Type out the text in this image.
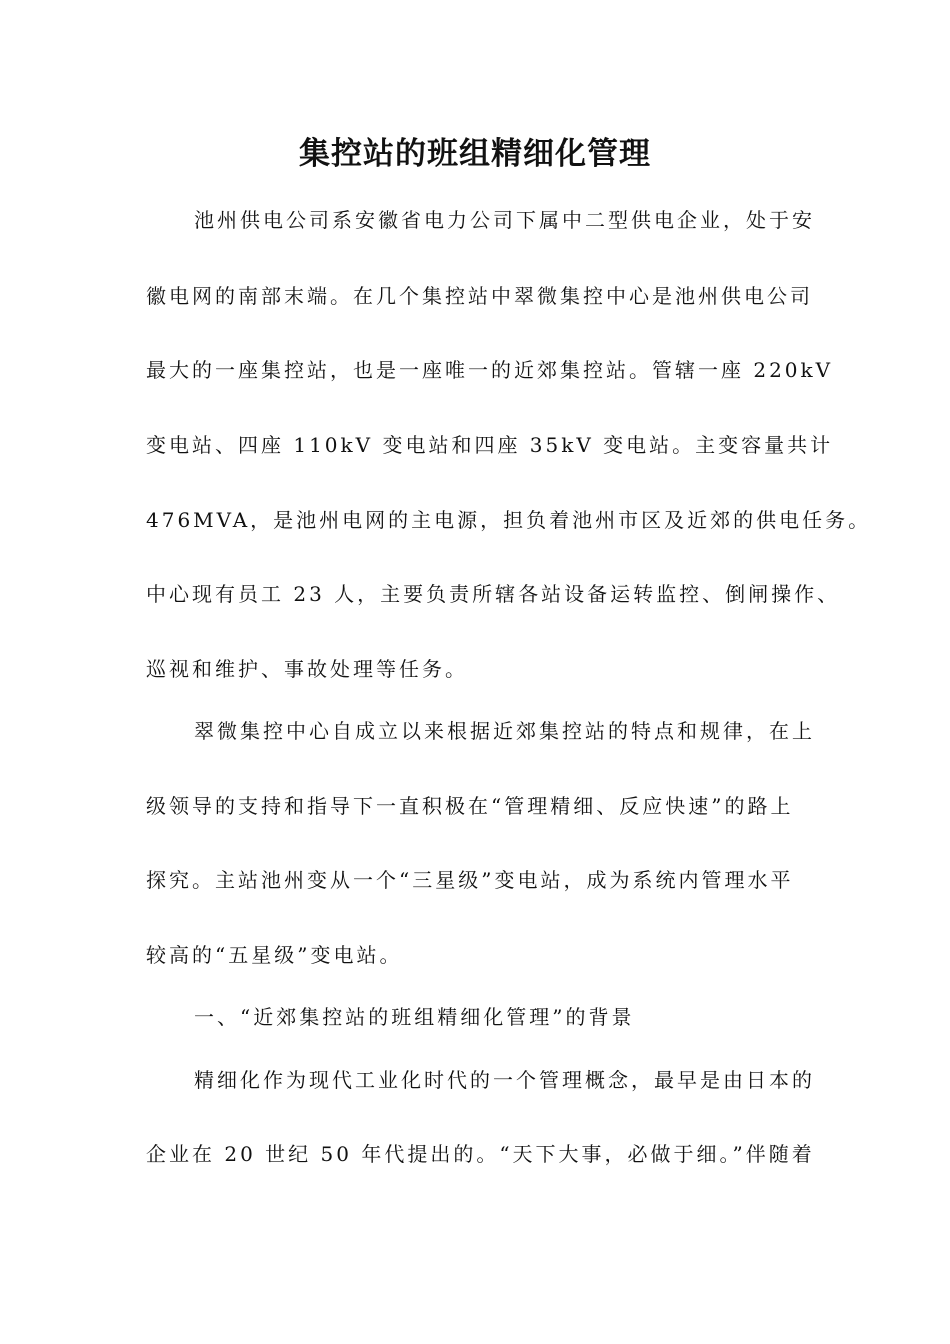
集控站的班组精细化管理
池州供电公司系安徽省电力公司下属中二型供电企业，处于安
徽电网的南部末端。在几个集控站中翠微集控中心是池州供电公司
最大的一座集控站，也是一座唯一的近郊集控站。管辖一座 220kV
变电站、四座 110kV 变电站和四座 35kV 变电站。主变容量共计
476MVA，是池州电网的主电源，担负着池州市区及近郊的供电任务。
中心现有员工 23 人，主要负责所辖各站设备运转监控、倒闸操作、
巡视和维护、事故处理等任务。
翠微集控中心自成立以来根据近郊集控站的特点和规律，在上
级领导的支持和指导下一直积极在“管理精细、反应快速”的路上
探究。主站池州变从一个“三星级”变电站，成为系统内管理水平
较高的“五星级”变电站。
一、“近郊集控站的班组精细化管理”的背景
精细化作为现代工业化时代的一个管理概念，最早是由日本的
企业在 20 世纪 50 年代提出的。“天下大事，必做于细。”伴随着
